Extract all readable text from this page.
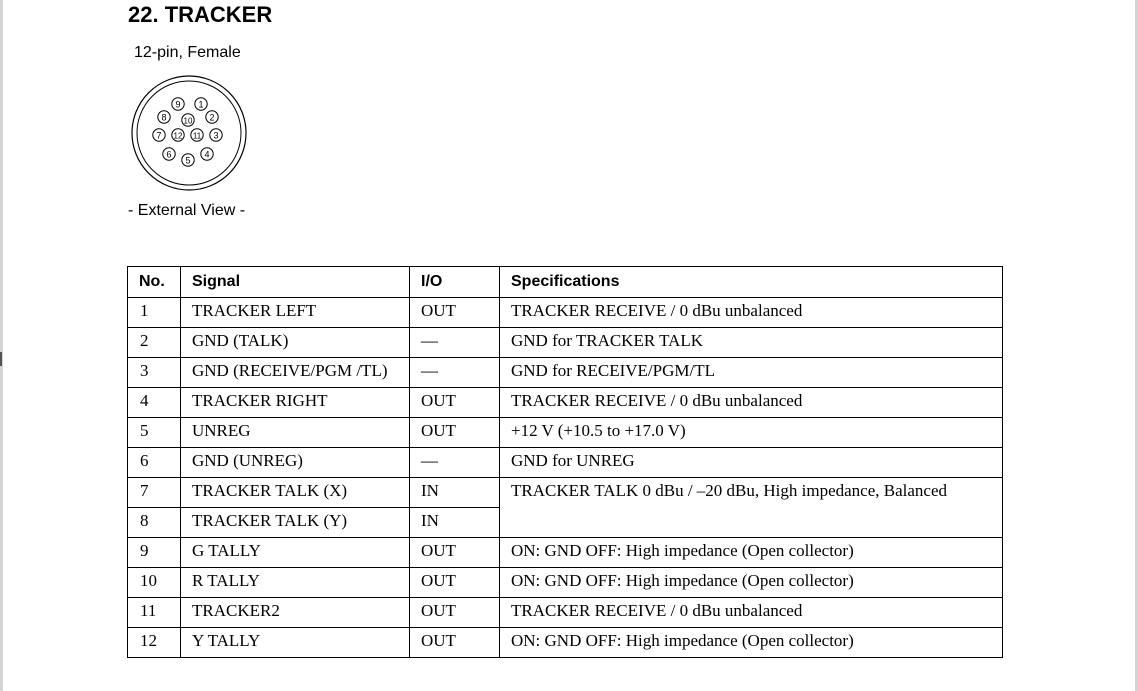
22. TRACKER
12-pin, Female
1
2
3
4
5
6
7
8
9
10
11
12
- External View -
No.	Signal	I/O	Specifications
1	TRACKER LEFT	OUT	TRACKER RECEIVE / 0 dBu unbalanced
2	GND (TALK)	—	GND for TRACKER TALK
3	GND (RECEIVE/PGM /TL)	—	GND for RECEIVE/PGM/TL
4	TRACKER RIGHT	OUT	TRACKER RECEIVE / 0 dBu unbalanced
5	UNREG	OUT	+12 V (+10.5 to +17.0 V)
6	GND (UNREG)	—	GND for UNREG
7	TRACKER TALK (X)	IN	TRACKER TALK 0 dBu / –20 dBu, High impedance, Balanced
8	TRACKER TALK (Y)	IN	
9	G TALLY	OUT	ON: GND OFF: High impedance (Open collector)
10	R TALLY	OUT	ON: GND OFF: High impedance (Open collector)
11	TRACKER2	OUT	TRACKER RECEIVE / 0 dBu unbalanced
12	Y TALLY	OUT	ON: GND OFF: High impedance (Open collector)
